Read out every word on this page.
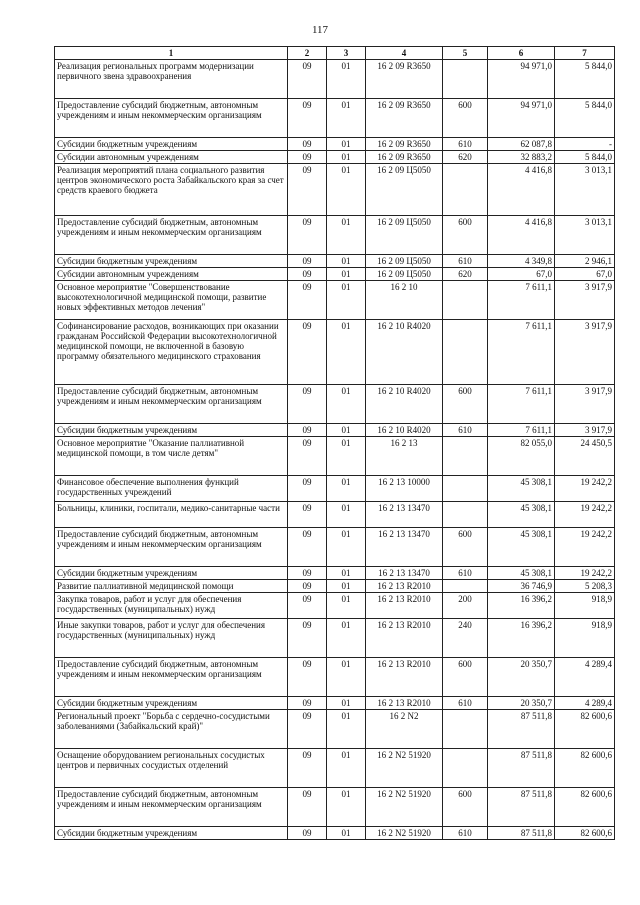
117
1	2	3	4	5	6	7
Реализация региональных программ модернизации первичного звена здравоохранения	09	01	16 2 09 R3650		94 971,0	5 844,0
Предоставление субсидий бюджетным, автономным учреждениям и иным некоммерческим организациям	09	01	16 2 09 R3650	600	94 971,0	5 844,0
Субсидии бюджетным учреждениям	09	01	16 2 09 R3650	610	62 087,8	-
Субсидии автономным учреждениям	09	01	16 2 09 R3650	620	32 883,2	5 844,0
Реализация мероприятий плана социального развития центров экономического роста Забайкальского края за счет средств краевого бюджета	09	01	16 2 09 Ц5050		4 416,8	3 013,1
Предоставление субсидий бюджетным, автономным учреждениям и иным некоммерческим организациям	09	01	16 2 09 Ц5050	600	4 416,8	3 013,1
Субсидии бюджетным учреждениям	09	01	16 2 09 Ц5050	610	4 349,8	2 946,1
Субсидии автономным учреждениям	09	01	16 2 09 Ц5050	620	67,0	67,0
Основное мероприятие "Совершенствование высокотехнологичной медицинской помощи, развитие новых эффективных методов лечения"	09	01	16 2 10		7 611,1	3 917,9
Софинансирование расходов, возникающих при оказании гражданам Российской Федерации высокотехнологичной медицинской помощи, не включенной в базовую программу обязательного медицинского страхования	09	01	16 2 10 R4020		7 611,1	3 917,9
Предоставление субсидий бюджетным, автономным учреждениям и иным некоммерческим организациям	09	01	16 2 10 R4020	600	7 611,1	3 917,9
Субсидии бюджетным учреждениям	09	01	16 2 10 R4020	610	7 611,1	3 917,9
Основное мероприятие "Оказание паллиативной медицинской помощи, в том числе детям"	09	01	16 2 13		82 055,0	24 450,5
Финансовое обеспечение выполнения функций государственных учреждений	09	01	16 2 13 10000		45 308,1	19 242,2
Больницы, клиники, госпитали, медико-санитарные части	09	01	16 2 13 13470		45 308,1	19 242,2
Предоставление субсидий бюджетным, автономным учреждениям и иным некоммерческим организациям	09	01	16 2 13 13470	600	45 308,1	19 242,2
Субсидии бюджетным учреждениям	09	01	16 2 13 13470	610	45 308,1	19 242,2
Развитие паллиативной медицинской помощи	09	01	16 2 13 R2010		36 746,9	5 208,3
Закупка товаров, работ и услуг для обеспечения государственных (муниципальных) нужд	09	01	16 2 13 R2010	200	16 396,2	918,9
Иные закупки товаров, работ и услуг для обеспечения государственных (муниципальных) нужд	09	01	16 2 13 R2010	240	16 396,2	918,9
Предоставление субсидий бюджетным, автономным учреждениям и иным некоммерческим организациям	09	01	16 2 13 R2010	600	20 350,7	4 289,4
Субсидии бюджетным учреждениям	09	01	16 2 13 R2010	610	20 350,7	4 289,4
Региональный проект "Борьба с сердечно-сосудистыми заболеваниями (Забайкальский край)"	09	01	16 2 N2		87 511,8	82 600,6
Оснащение оборудованием региональных сосудистых центров и первичных сосудистых отделений	09	01	16 2 N2 51920		87 511,8	82 600,6
Предоставление субсидий бюджетным, автономным учреждениям и иным некоммерческим организациям	09	01	16 2 N2 51920	600	87 511,8	82 600,6
Субсидии бюджетным учреждениям	09	01	16 2 N2 51920	610	87 511,8	82 600,6
